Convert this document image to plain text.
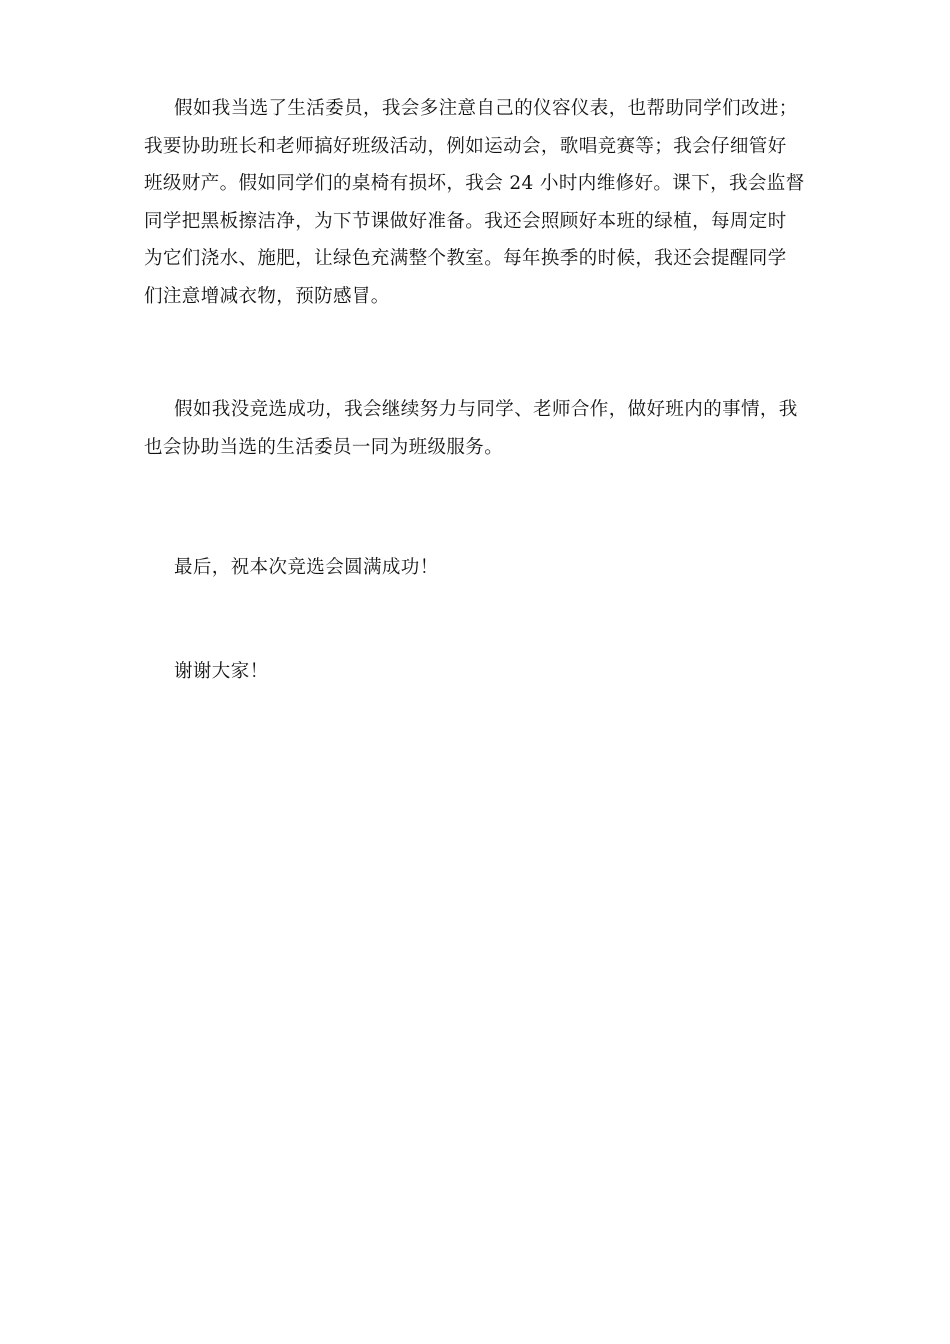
假如我当选了生活委员，我会多注意自己的仪容仪表，也帮助同学们改进；
我要协助班长和老师搞好班级活动，例如运动会，歌唱竞赛等；我会仔细管好
班级财产。假如同学们的桌椅有损坏，我会 24 小时内维修好。课下，我会监督
同学把黑板擦洁净，为下节课做好准备。我还会照顾好本班的绿植，每周定时
为它们浇水、施肥，让绿色充满整个教室。每年换季的时候，我还会提醒同学
们注意增减衣物，预防感冒。
假如我没竞选成功，我会继续努力与同学、老师合作，做好班内的事情，我
也会协助当选的生活委员一同为班级服务。
最后，祝本次竞选会圆满成功！
谢谢大家！
